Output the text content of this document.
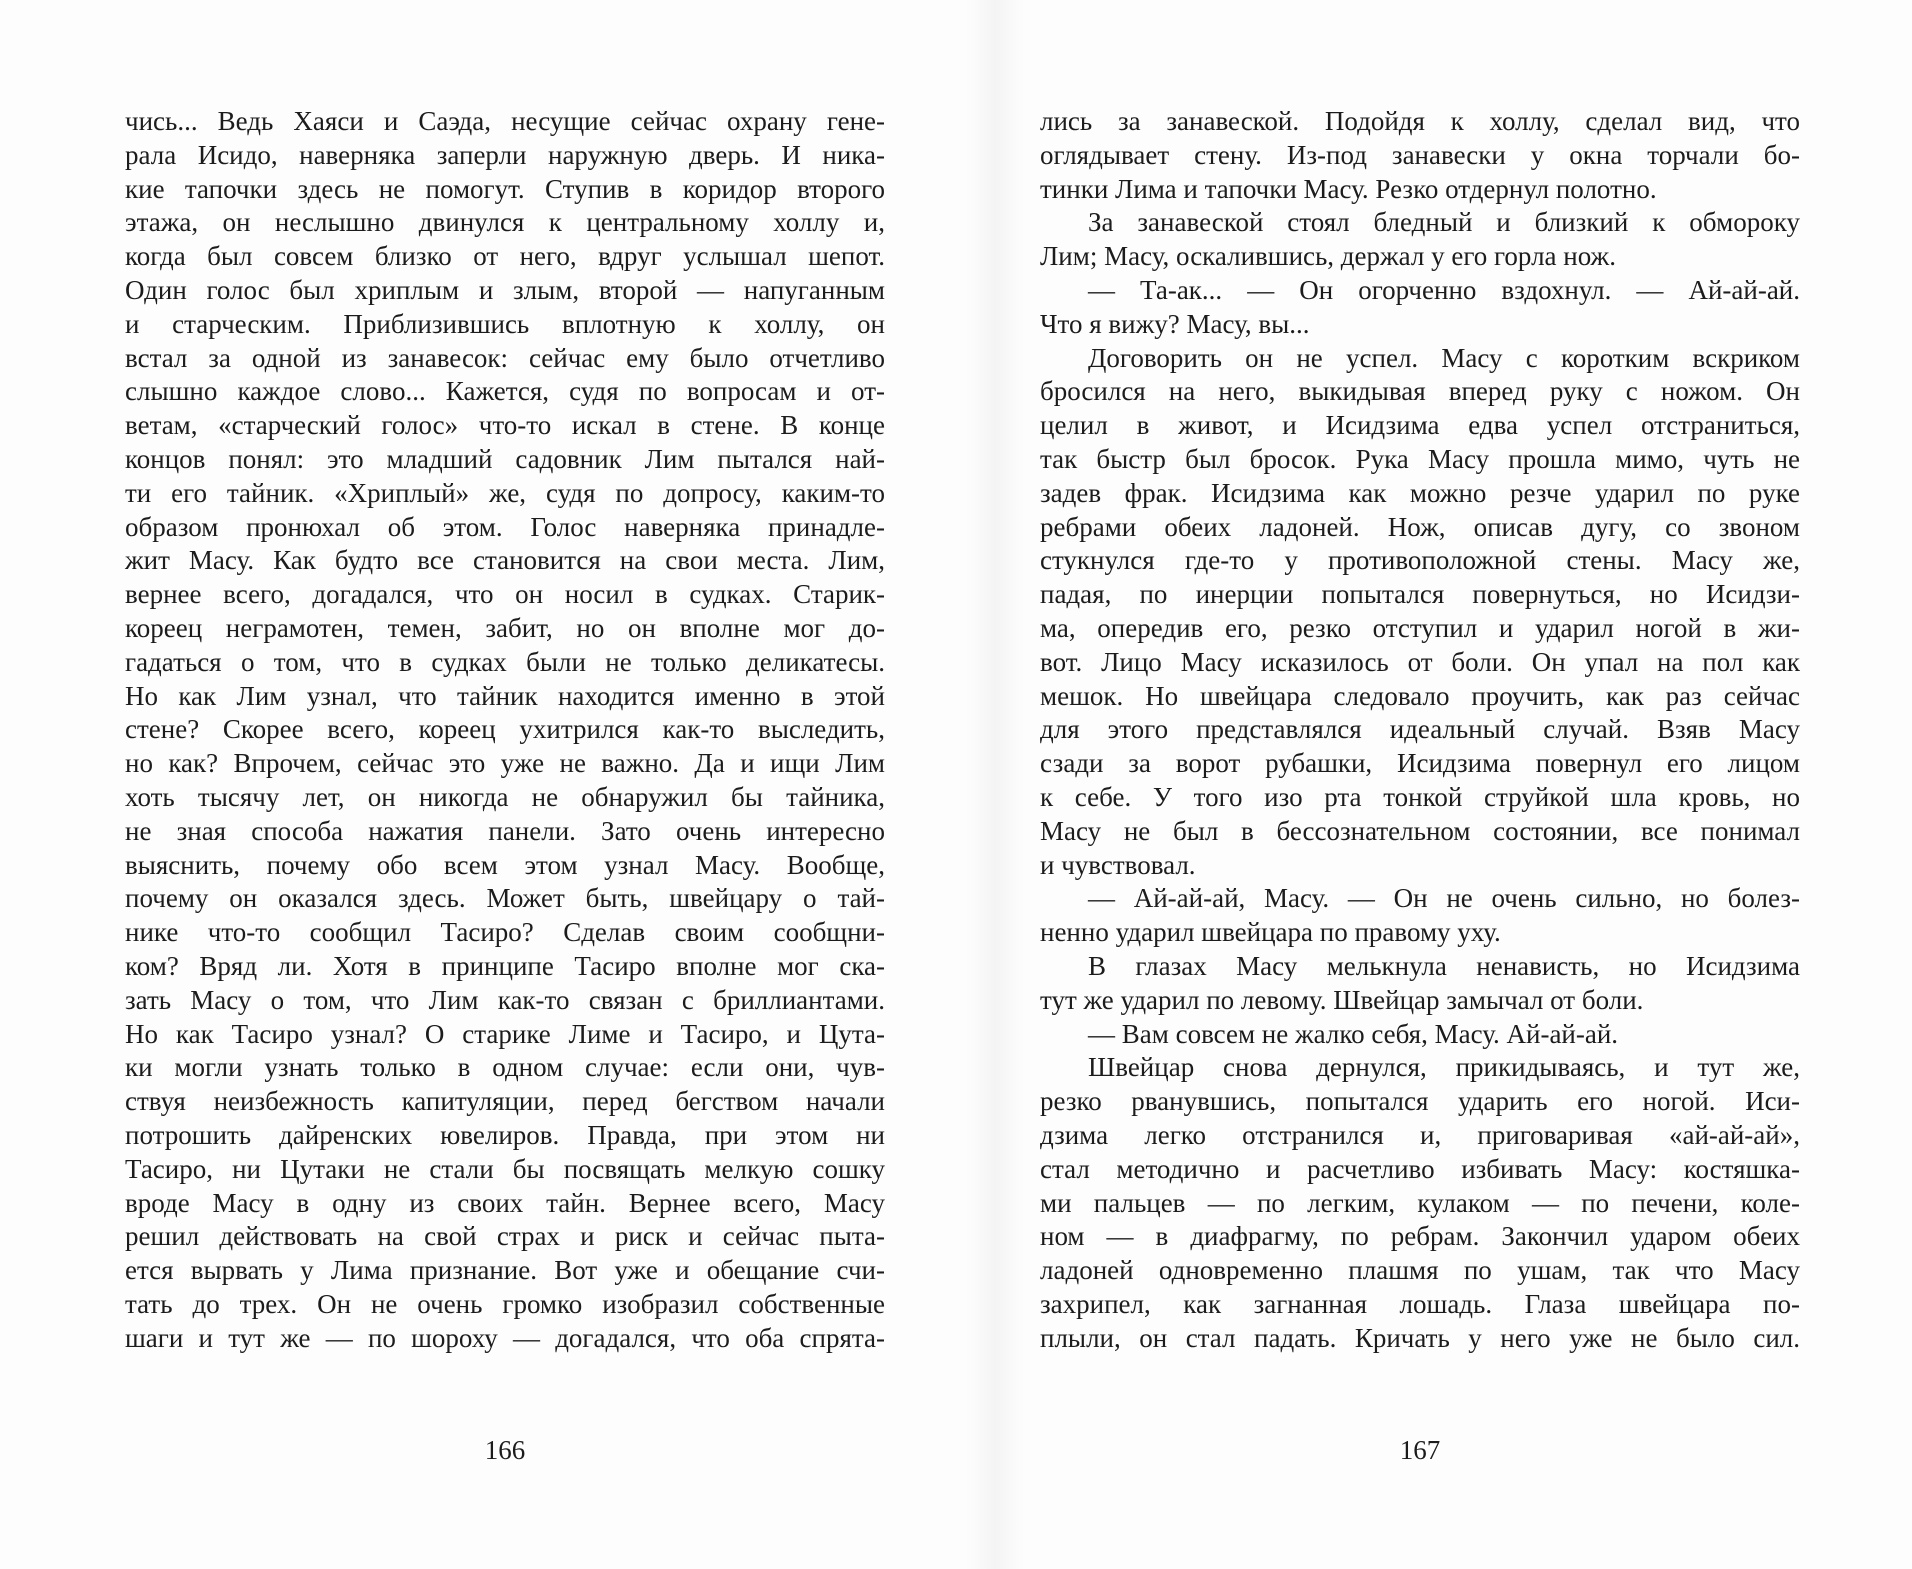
чись... Ведь Хаяси и Саэда, несущие сейчас охрану гене-
рала Исидо, наверняка заперли наружную дверь. И ника-
кие тапочки здесь не помогут. Ступив в коридор второго
этажа, он неслышно двинулся к центральному холлу и,
когда был совсем близко от него, вдруг услышал шепот.
Один голос был хриплым и злым, второй — напуганным
и старческим. Приблизившись вплотную к холлу, он
встал за одной из занавесок: сейчас ему было отчетливо
слышно каждое слово... Кажется, судя по вопросам и от-
ветам, «старческий голос» что-то искал в стене. В конце
концов понял: это младший садовник Лим пытался най-
ти его тайник. «Хриплый» же, судя по допросу, каким-то
образом пронюхал об этом. Голос наверняка принадле-
жит Масу. Как будто все становится на свои места. Лим,
вернее всего, догадался, что он носил в судках. Старик-
кореец неграмотен, темен, забит, но он вполне мог до-
гадаться о том, что в судках были не только деликатесы.
Но как Лим узнал, что тайник находится именно в этой
стене? Скорее всего, кореец ухитрился как-то выследить,
но как? Впрочем, сейчас это уже не важно. Да и ищи Лим
хоть тысячу лет, он никогда не обнаружил бы тайника,
не зная способа нажатия панели. Зато очень интересно
выяснить, почему обо всем этом узнал Масу. Вообще,
почему он оказался здесь. Может быть, швейцару о тай-
нике что-то сообщил Тасиро? Сделав своим сообщни-
ком? Вряд ли. Хотя в принципе Тасиро вполне мог ска-
зать Масу о том, что Лим как-то связан с бриллиантами.
Но как Тасиро узнал? О старике Лиме и Тасиро, и Цута-
ки могли узнать только в одном случае: если они, чув-
ствуя неизбежность капитуляции, перед бегством начали
потрошить дайренских ювелиров. Правда, при этом ни
Тасиро, ни Цутаки не стали бы посвящать мелкую сошку
вроде Масу в одну из своих тайн. Вернее всего, Масу
решил действовать на свой страх и риск и сейчас пыта-
ется вырвать у Лима признание. Вот уже и обещание счи-
тать до трех. Он не очень громко изобразил собственные
шаги и тут же — по шороху — догадался, что оба спрята-
166
лись за занавеской. Подойдя к холлу, сделал вид, что
оглядывает стену. Из-под занавески у окна торчали бо-
тинки Лима и тапочки Масу. Резко отдернул полотно.
За занавеской стоял бледный и близкий к обмороку
Лим; Масу, оскалившись, держал у его горла нож.
— Та-ак... — Он огорченно вздохнул. — Ай-ай-ай.
Что я вижу? Масу, вы...
Договорить он не успел. Масу с коротким вскриком
бросился на него, выкидывая вперед руку с ножом. Он
целил в живот, и Исидзима едва успел отстраниться,
так быстр был бросок. Рука Масу прошла мимо, чуть не
задев фрак. Исидзима как можно резче ударил по руке
ребрами обеих ладоней. Нож, описав дугу, со звоном
стукнулся где-то у противоположной стены. Масу же,
падая, по инерции попытался повернуться, но Исидзи-
ма, опередив его, резко отступил и ударил ногой в жи-
вот. Лицо Масу исказилось от боли. Он упал на пол как
мешок. Но швейцара следовало проучить, как раз сейчас
для этого представлялся идеальный случай. Взяв Масу
сзади за ворот рубашки, Исидзима повернул его лицом
к себе. У того изо рта тонкой струйкой шла кровь, но
Масу не был в бессознательном состоянии, все понимал
и чувствовал.
— Ай-ай-ай, Масу. — Он не очень сильно, но болез-
ненно ударил швейцара по правому уху.
В глазах Масу мелькнула ненависть, но Исидзима
тут же ударил по левому. Швейцар замычал от боли.
— Вам совсем не жалко себя, Масу. Ай-ай-ай.
Швейцар снова дернулся, прикидываясь, и тут же,
резко рванувшись, попытался ударить его ногой. Иси-
дзима легко отстранился и, приговаривая «ай-ай-ай»,
стал методично и расчетливо избивать Масу: костяшка-
ми пальцев — по легким, кулаком — по печени, коле-
ном — в диафрагму, по ребрам. Закончил ударом обеих
ладоней одновременно плашмя по ушам, так что Масу
захрипел, как загнанная лошадь. Глаза швейцара по-
плыли, он стал падать. Кричать у него уже не было сил.
167
